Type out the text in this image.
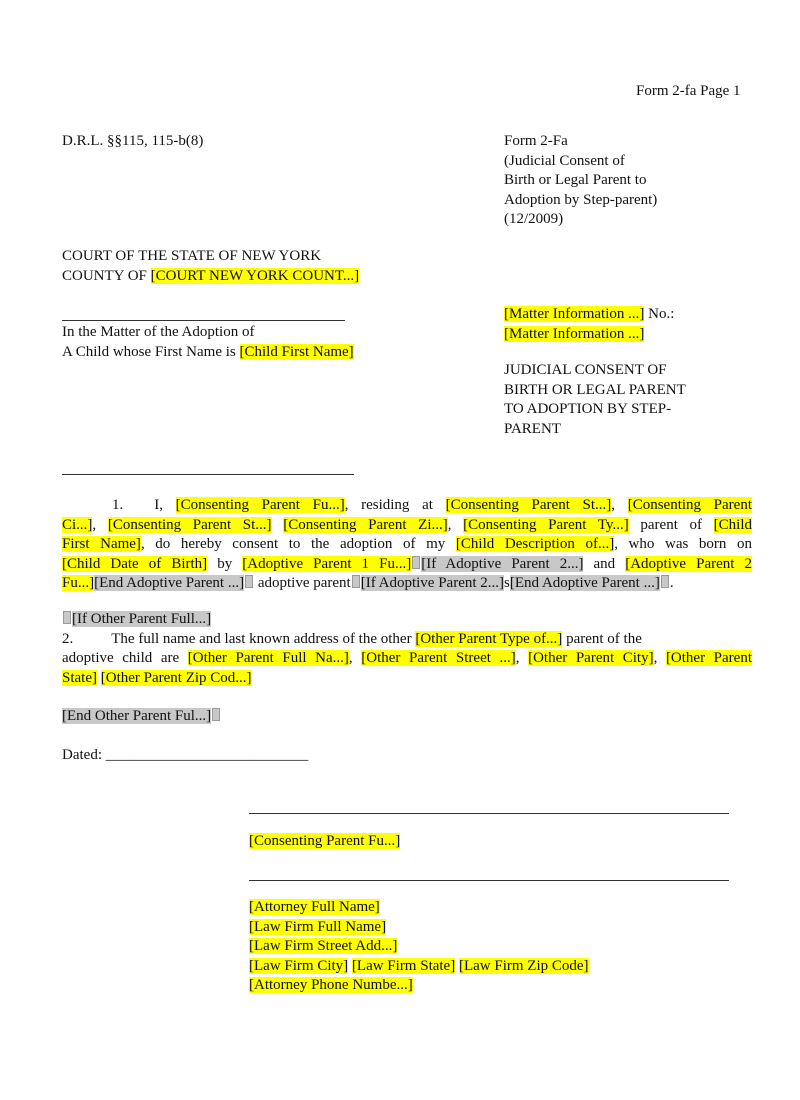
Form 2-fa Page 1
D.R.L. §§115, 115-b(8)	Form 2-Fa
(Judicial Consent of
Birth or Legal Parent to
Adoption by Step-parent)
(12/2009)
COURT OF THE STATE OF NEW YORK
COUNTY OF [COURT NEW YORK COUNT...]
In the Matter of the Adoption of
A Child whose First Name is [Child First Name]
[Matter Information ...] No.:
[Matter Information ...]
JUDICIAL CONSENT OF
BIRTH OR LEGAL PARENT
TO ADOPTION BY STEP-
PARENT
1. I, [Consenting Parent Fu...], residing at [Consenting Parent St...], [Consenting Parent
Ci...], [Consenting Parent St...] [Consenting Parent Zi...], [Consenting Parent Ty...] parent of [Child
First Name], do hereby consent to the adoption of my [Child Description of...], who was born on
[Child Date of Birth] by [Adoptive Parent 1 Fu...] [If Adoptive Parent 2...] and [Adoptive Parent 2
Fu...][End Adoptive Parent ...] adoptive parent [If Adoptive Parent 2...]s[End Adoptive Parent ...] .
[If Other Parent Full...]
2.	The full name and last known address of the other [Other Parent Type of...] parent of the
adoptive child are [Other Parent Full Na...], [Other Parent Street ...], [Other Parent City], [Other Parent
State] [Other Parent Zip Cod...]
[End Other Parent Ful...]
Dated: ___________________________
[Consenting Parent Fu...]
[Attorney Full Name]
[Law Firm Full Name]
[Law Firm Street Add...]
[Law Firm City] [Law Firm State] [Law Firm Zip Code]
[Attorney Phone Numbe...]
